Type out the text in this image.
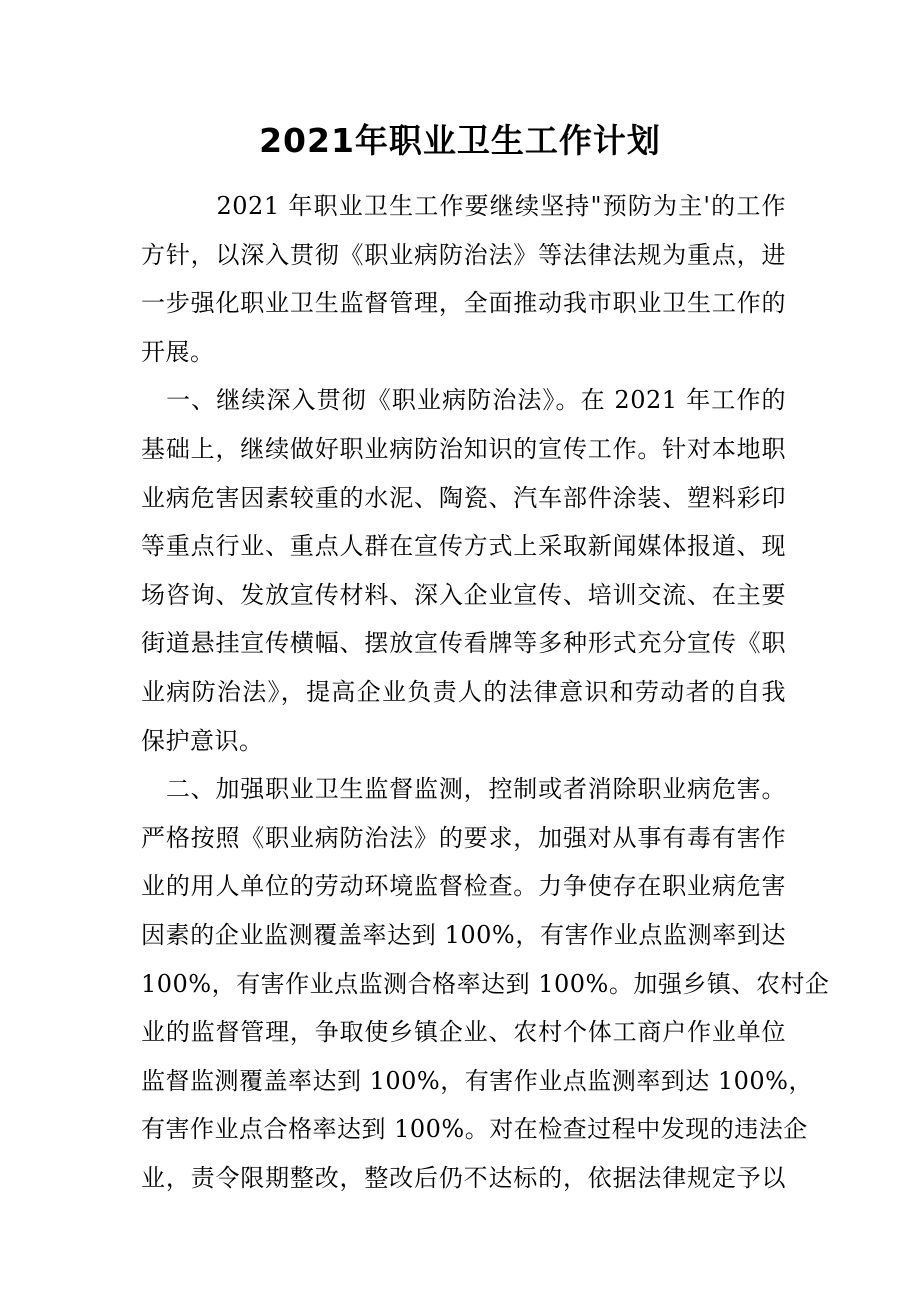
2021年职业卫生工作计划
　　　2021 年职业卫生工作要继续坚持"预防为主'的工作
方针，以深入贯彻《职业病防治法》等法律法规为重点，进
一步强化职业卫生监督管理，全面推动我市职业卫生工作的
开展。
　一、继续深入贯彻《职业病防治法》。在 2021 年工作的
基础上，继续做好职业病防治知识的宣传工作。针对本地职
业病危害因素较重的水泥、陶瓷、汽车部件涂装、塑料彩印
等重点行业、重点人群在宣传方式上采取新闻媒体报道、现
场咨询、发放宣传材料、深入企业宣传、培训交流、在主要
街道悬挂宣传横幅、摆放宣传看牌等多种形式充分宣传《职
业病防治法》，提高企业负责人的法律意识和劳动者的自我
保护意识。
　二、加强职业卫生监督监测，控制或者消除职业病危害。
严格按照《职业病防治法》的要求，加强对从事有毒有害作
业的用人单位的劳动环境监督检查。力争使存在职业病危害
因素的企业监测覆盖率达到 100%，有害作业点监测率到达
100%，有害作业点监测合格率达到 100%。加强乡镇、农村企
业的监督管理，争取使乡镇企业、农村个体工商户作业单位
监督监测覆盖率达到 100%，有害作业点监测率到达 100%，
有害作业点合格率达到 100%。对在检查过程中发现的违法企
业，责令限期整改，整改后仍不达标的，依据法律规定予以
